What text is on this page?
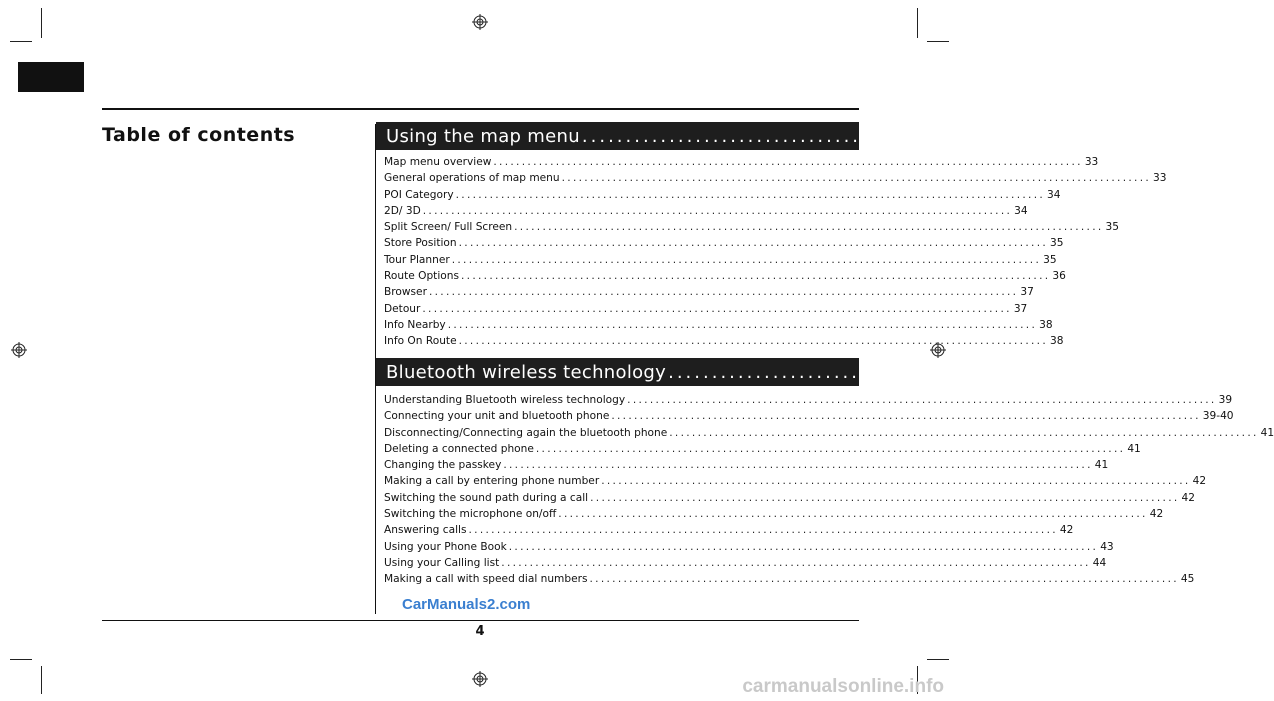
Table of contents	Using the map menu ......................................................... 33-38
Map menu overview ........................................................................................................ 33
General operations of map menu ........................................................................................................ 33
POI Category ........................................................................................................ 34
2D/ 3D ........................................................................................................ 34
Split Screen/ Full Screen ........................................................................................................ 35
Store Position ........................................................................................................ 35
Tour Planner ........................................................................................................ 35
Route Options ........................................................................................................ 36
Browser ........................................................................................................ 37
Detour ........................................................................................................ 37
Info Nearby ........................................................................................................ 38
Info On Route ........................................................................................................ 38
Bluetooth wireless technology ......................................................... 39-45
Understanding Bluetooth wireless technology ........................................................................................................ 39
Connecting your unit and bluetooth phone ........................................................................................................ 39-40
Disconnecting/Connecting again the bluetooth phone ........................................................................................................ 41
Deleting a connected phone ........................................................................................................ 41
Changing the passkey ........................................................................................................ 41
Making a call by entering phone number ........................................................................................................ 42
Switching the sound path during a call ........................................................................................................ 42
Switching the microphone on/off ........................................................................................................ 42
Answering calls ........................................................................................................ 42
Using your Phone Book ........................................................................................................ 43
Using your Calling list ........................................................................................................ 44
Making a call with speed dial numbers ........................................................................................................ 45
CarManuals2.com
4
carmanualsonline.info
